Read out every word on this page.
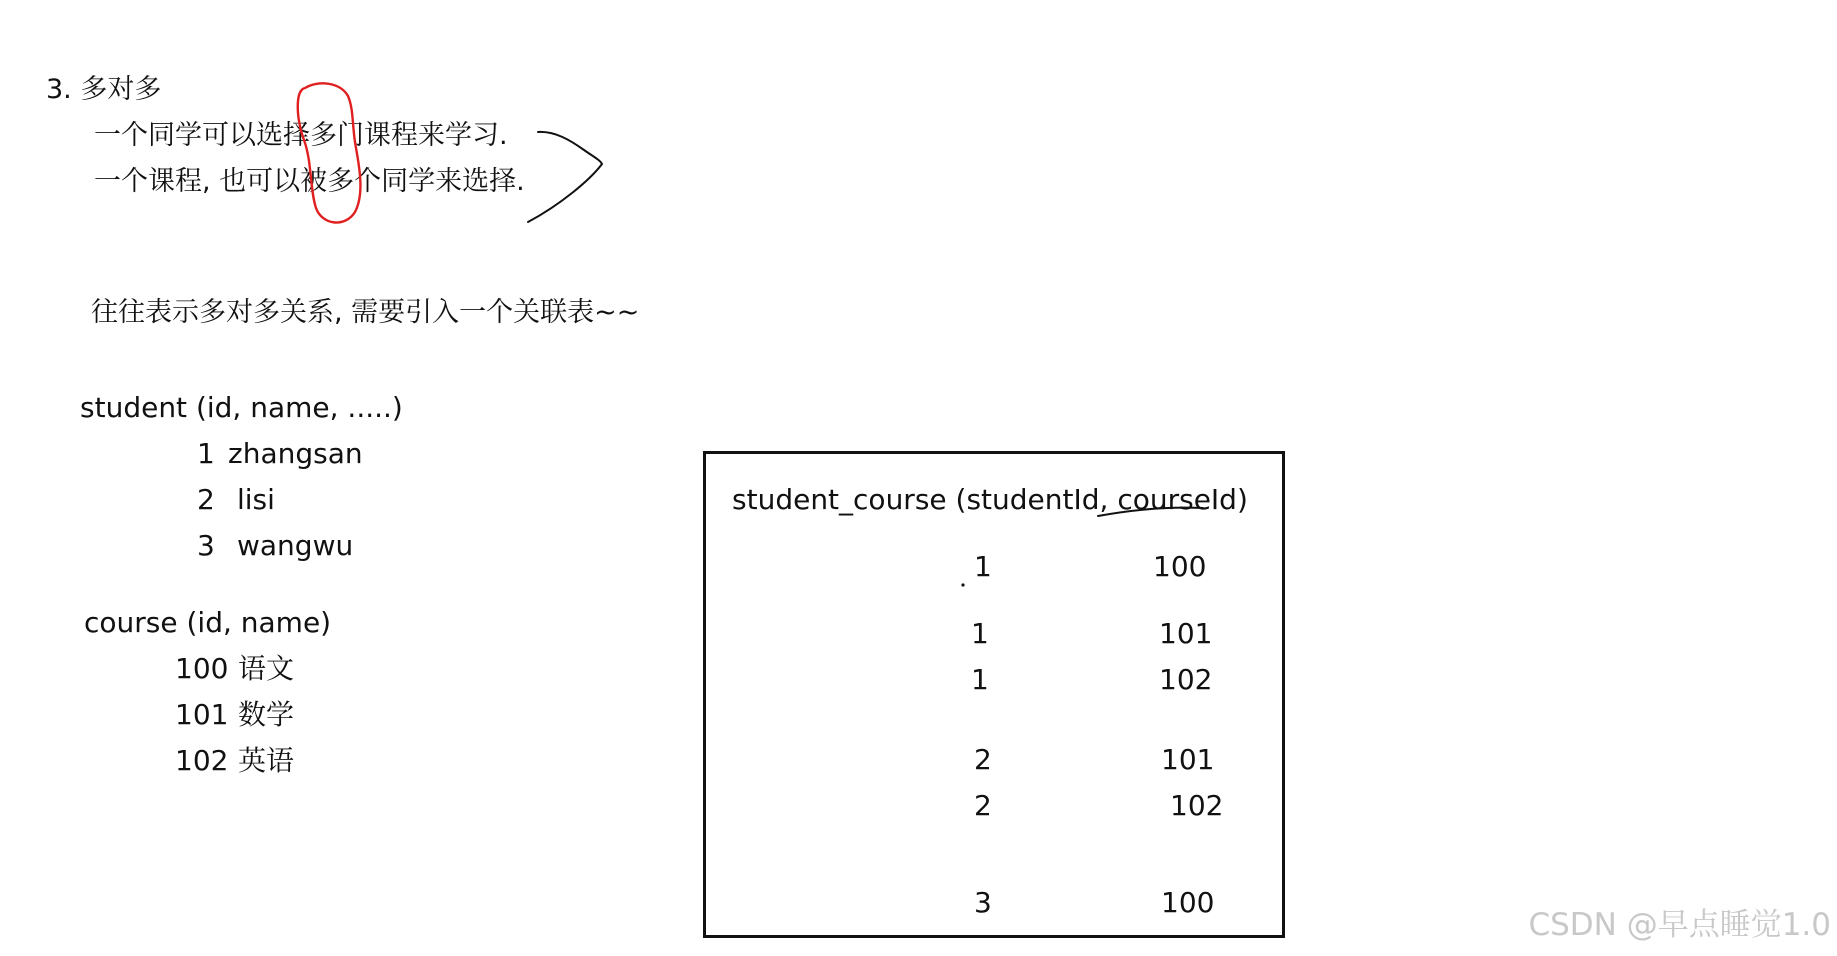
3. 多对多
一个同学可以选择多门课程来学习.
一个课程, 也可以被多个同学来选择.
往往表示多对多关系, 需要引入一个关联表~~
student (id, name, .....)
1 zhangsan
2 lisi
3 wangwu
course (id, name)
100 语文
101 数学
102 英语
student_course (studentId, courseId)
1	100
1	101
1	102
2	101
2	102
3	100
CSDN @早点睡觉1.0
